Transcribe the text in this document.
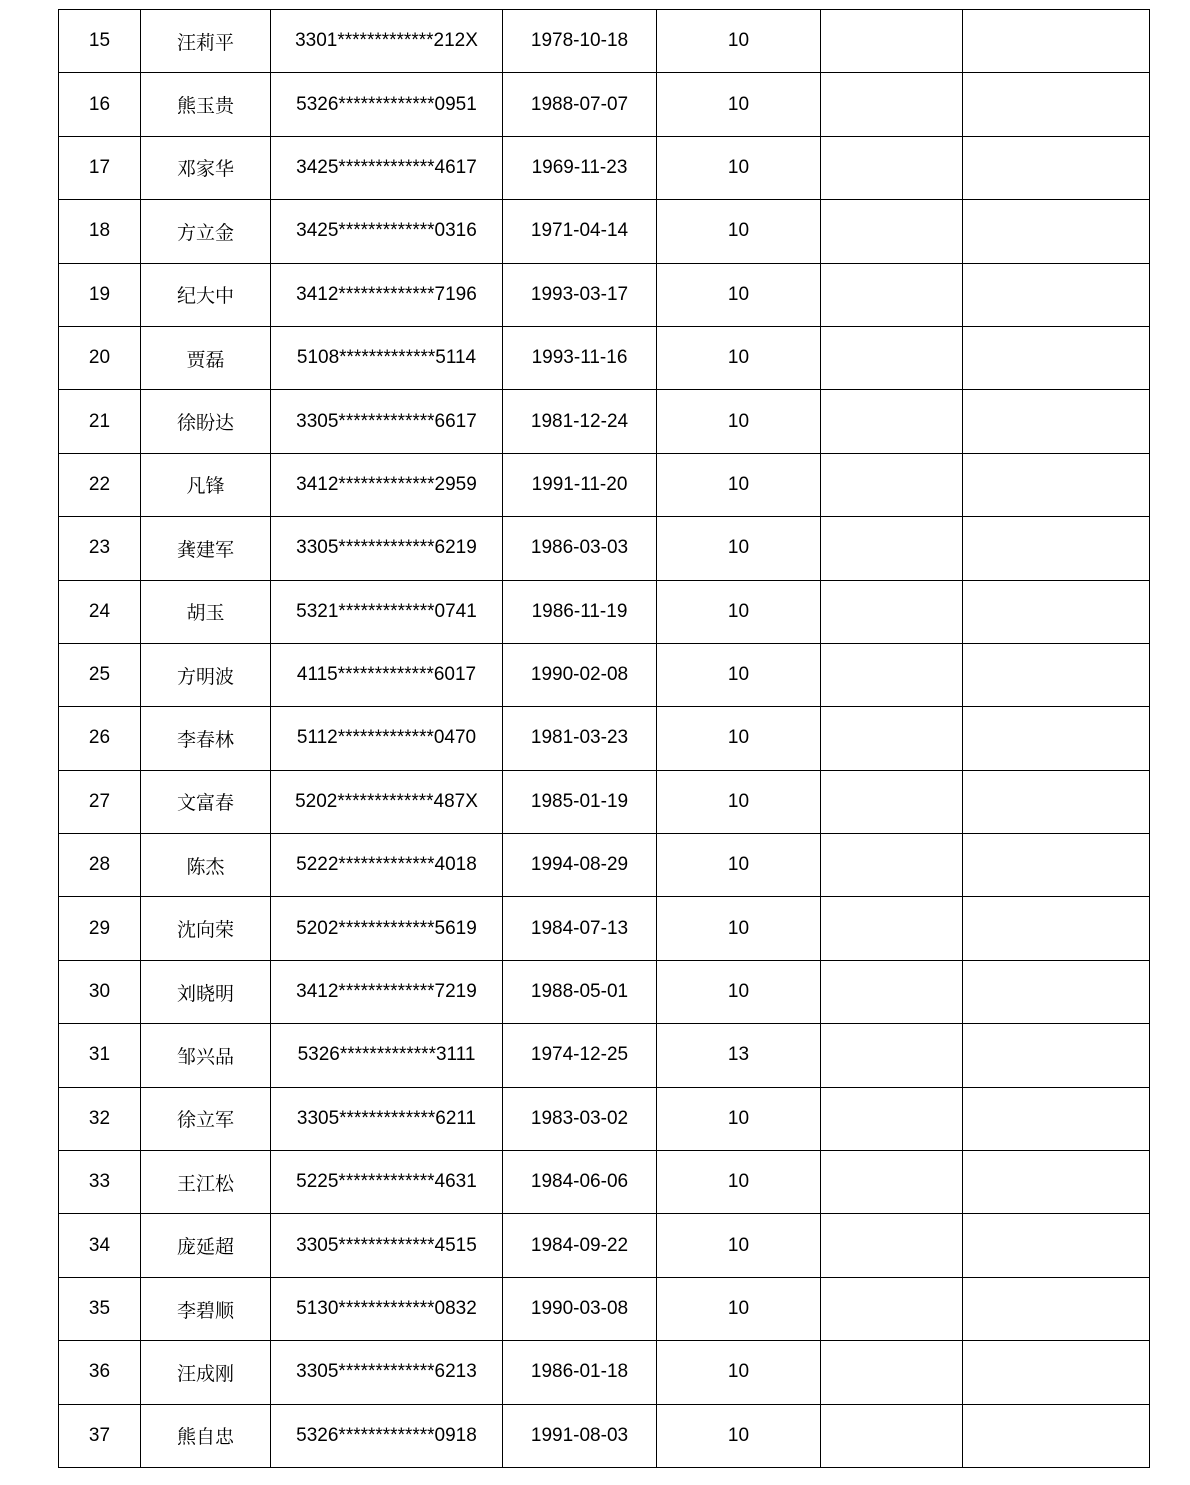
15	汪莉平	3301*************212X	1978-10-18	10		
16	熊玉贵	5326*************0951	1988-07-07	10		
17	邓家华	3425*************4617	1969-11-23	10		
18	方立金	3425*************0316	1971-04-14	10		
19	纪大中	3412*************7196	1993-03-17	10		
20	贾磊	5108*************5114	1993-11-16	10		
21	徐盼达	3305*************6617	1981-12-24	10		
22	凡锋	3412*************2959	1991-11-20	10		
23	龚建军	3305*************6219	1986-03-03	10		
24	胡玉	5321*************0741	1986-11-19	10		
25	方明波	4115*************6017	1990-02-08	10		
26	李春林	5112*************0470	1981-03-23	10		
27	文富春	5202*************487X	1985-01-19	10		
28	陈杰	5222*************4018	1994-08-29	10		
29	沈向荣	5202*************5619	1984-07-13	10		
30	刘晓明	3412*************7219	1988-05-01	10		
31	邹兴品	5326*************3111	1974-12-25	13		
32	徐立军	3305*************6211	1983-03-02	10		
33	王江松	5225*************4631	1984-06-06	10		
34	庞延超	3305*************4515	1984-09-22	10		
35	李碧顺	5130*************0832	1990-03-08	10		
36	汪成刚	3305*************6213	1986-01-18	10		
37	熊自忠	5326*************0918	1991-08-03	10		
